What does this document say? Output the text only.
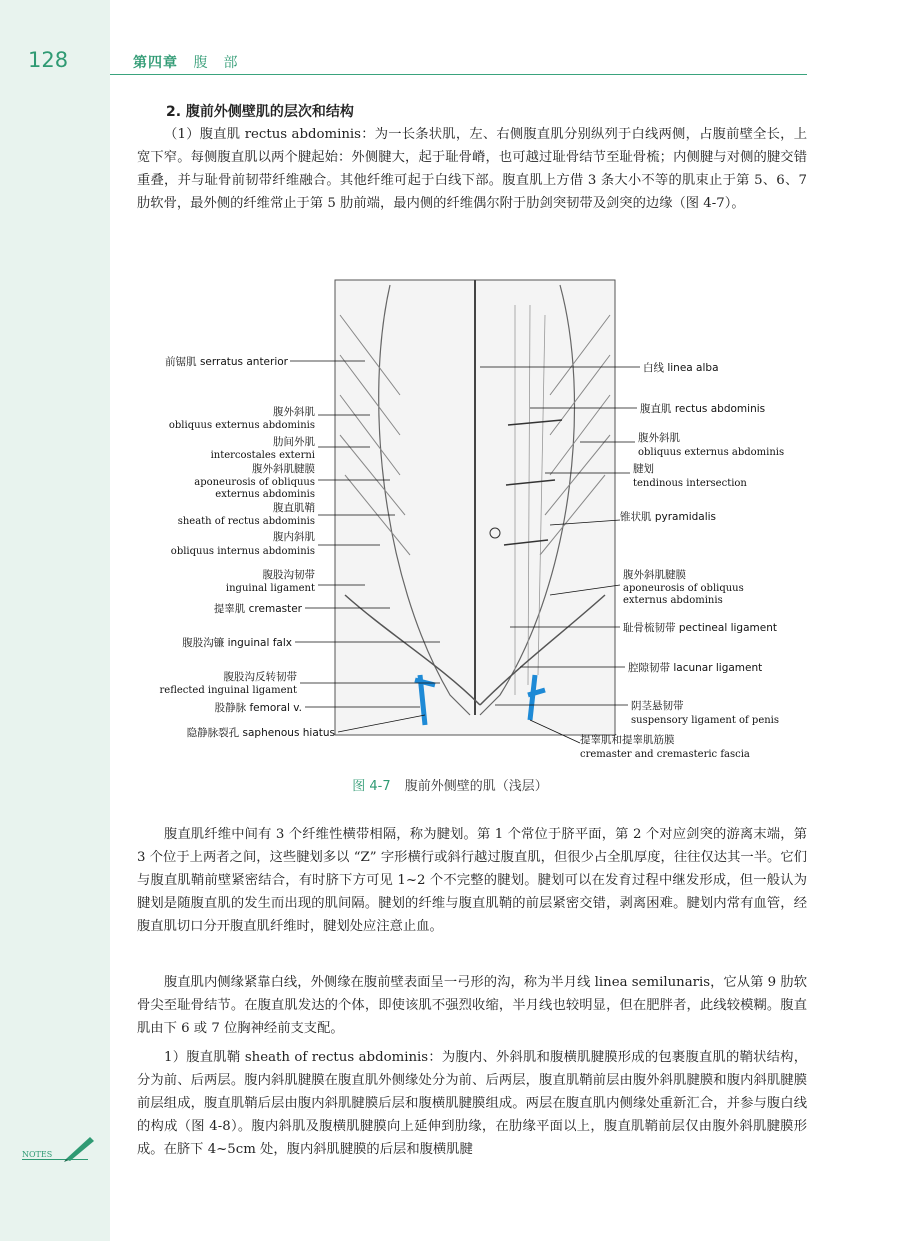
128	第四章 腹　部
2. 腹前外侧壁肌的层次和结构

（1）腹直肌 rectus abdominis：为一长条状肌，左、右侧腹直肌分别纵列于白线两侧，占腹前壁全长，上宽下窄。每侧腹直肌以两个腱起始：外侧腱大，起于耻骨嵴，也可越过耻骨结节至耻骨梳；内侧腱与对侧的腱交错重叠，并与耻骨前韧带纤维融合。其他纤维可起于白线下部。腹直肌上方借 3 条大小不等的肌束止于第 5、6、7 肋软骨，最外侧的纤维常止于第 5 肋前端，最内侧的纤维偶尔附于肋剑突韧带及剑突的边缘（图 4-7）。

前锯肌 serratus anterior
腹外斜肌
obliquus externus abdominis
肋间外肌
intercostales externi
腹外斜肌腱膜
aponeurosis of obliquus
externus abdominis
腹直肌鞘
sheath of rectus abdominis
腹内斜肌
obliquus internus abdominis
腹股沟韧带
inguinal ligament
提睾肌 cremaster
腹股沟镰 inguinal falx
腹股沟反转韧带
reflected inguinal ligament
股静脉 femoral v.
隐静脉裂孔 saphenous hiatus
白线 linea alba
腹直肌 rectus abdominis
腹外斜肌
obliquus externus abdominis
腱划
tendinous intersection
锥状肌 pyramidalis
腹外斜肌腱膜
aponeurosis of obliquus
externus abdominis
耻骨梳韧带 pectineal ligament
腔隙韧带 lacunar ligament
阴茎悬韧带
suspensory ligament of penis
提睾肌和提睾肌筋膜
cremaster and cremasteric fascia
图 4-7 腹前外侧壁的肌（浅层）

腹直肌纤维中间有 3 个纤维性横带相隔，称为腱划。第 1 个常位于脐平面，第 2 个对应剑突的游离末端，第 3 个位于上两者之间，这些腱划多以 “Z” 字形横行或斜行越过腹直肌，但很少占全肌厚度，往往仅达其一半。它们与腹直肌鞘前壁紧密结合，有时脐下方可见 1~2 个不完整的腱划。腱划可以在发育过程中继发形成，但一般认为腱划是随腹直肌的发生而出现的肌间隔。腱划的纤维与腹直肌鞘的前层紧密交错，剥离困难。腱划内常有血管，经腹直肌切口分开腹直肌纤维时，腱划处应注意止血。

腹直肌内侧缘紧靠白线，外侧缘在腹前壁表面呈一弓形的沟，称为半月线 linea semilunaris，它从第 9 肋软骨尖至耻骨结节。在腹直肌发达的个体，即使该肌不强烈收缩，半月线也较明显，但在肥胖者，此线较模糊。腹直肌由下 6 或 7 位胸神经前支支配。

1）腹直肌鞘 sheath of rectus abdominis：为腹内、外斜肌和腹横肌腱膜形成的包裹腹直肌的鞘状结构，分为前、后两层。腹内斜肌腱膜在腹直肌外侧缘处分为前、后两层，腹直肌鞘前层由腹外斜肌腱膜和腹内斜肌腱膜前层组成，腹直肌鞘后层由腹内斜肌腱膜后层和腹横肌腱膜组成。两层在腹直肌内侧缘处重新汇合，并参与腹白线的构成（图 4-8）。腹内斜肌及腹横肌腱膜向上延伸到肋缘，在肋缘平面以上，腹直肌鞘前层仅由腹外斜肌腱膜形成。在脐下 4~5cm 处，腹内斜肌腱膜的后层和腹横肌腱

NOTES
